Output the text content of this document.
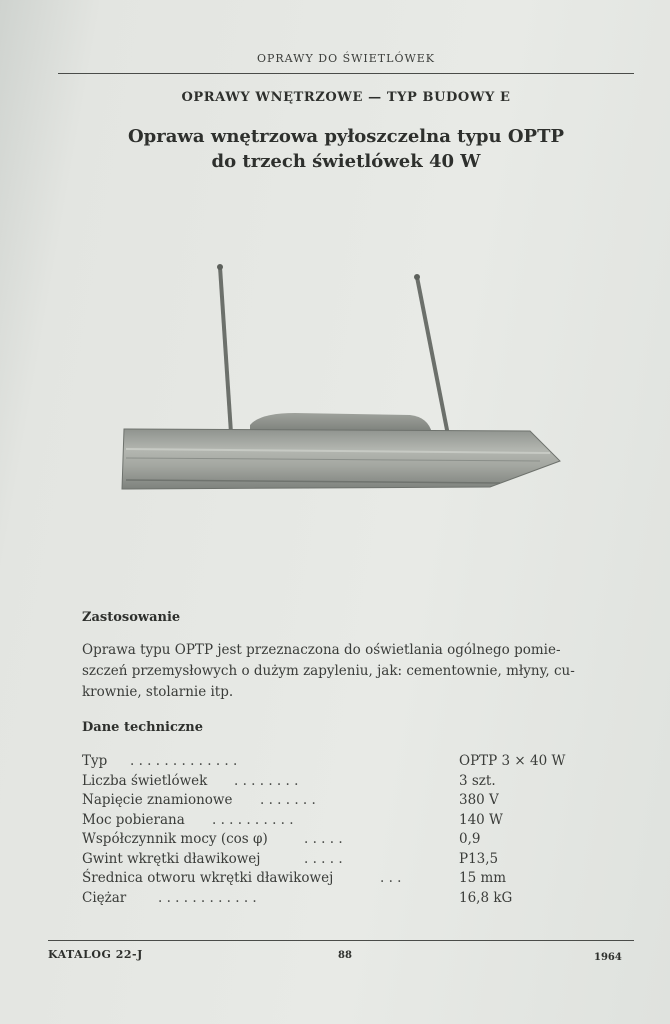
OPRAWY DO ŚWIETLÓWEK
OPRAWY WNĘTRZOWE — TYP BUDOWY E
Oprawa wnętrzowa pyłoszczelna typu OPTP
do trzech świetlówek 40 W
Zastosowanie
Oprawa typu OPTP jest przeznaczona do oświetlania ogólnego pomie-
szczeń przemysłowych o dużym zapyleniu, jak: cementownie, młyny, cu-
krownie, stolarnie itp.
Dane techniczne
Typ . . . . . . . . . . . . .	OPTP 3 × 40 W
Liczba świetlówek . . . . . . . .	3 szt.
Napięcie znamionowe . . . . . . .	380 V
Moc pobierana . . . . . . . . . .	140 W
Współczynnik mocy (cos φ)	. . . . .	0,9
Gwint wkrętki dławikowej	. . . . .	P13,5
Średnica otworu wkrętki dławikowej	. . .	15 mm
Ciężar . . . . . . . . . . . .	16,8 kG
KATALOG 22-J	88	1964
